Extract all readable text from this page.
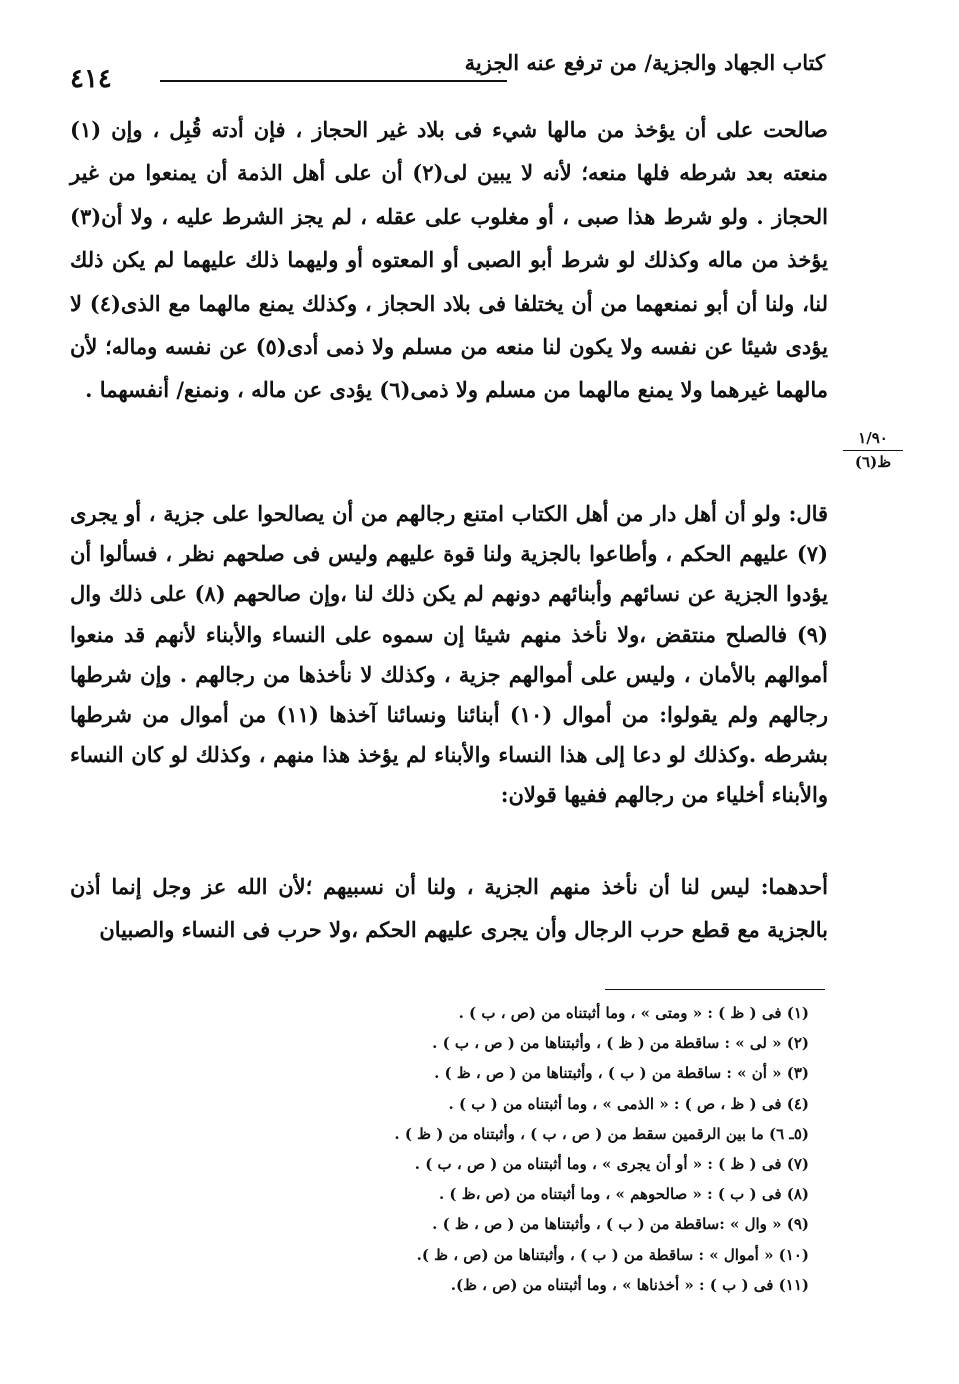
كتاب الجهاد والجزية/ من ترفع عنه الجزية
٤١٤

صالحت على أن يؤخذ من مالها شيء فى بلاد غير الحجاز ، فإن أدته قُبِل ، وإن (١) منعته بعد شرطه فلها منعه؛ لأنه لا يبين لى(٢) أن على أهل الذمة أن يمنعوا من غير الحجاز . ولو شرط هذا صبى ، أو مغلوب على عقله ، لم يجز الشرط عليه ، ولا أن(٣) يؤخذ من ماله وكذلك لو شرط أبو الصبى أو المعتوه أو وليهما ذلك عليهما لم يكن ذلك لنا، ولنا أن أبو نمنعهما من أن يختلفا فى بلاد الحجاز ، وكذلك يمنع مالهما مع الذى(٤) لا يؤدى شيئا عن نفسه ولا يكون لنا منعه من مسلم ولا ذمى أدى(٥) عن نفسه وماله؛ لأن مالهما غيرهما ولا يمنع مالهما من مسلم ولا ذمى(٦) يؤدى عن ماله ، ونمنع/ أنفسهما .

١/٩٠
ظ(٦)

قال: ولو أن أهل دار من أهل الكتاب امتنع رجالهم من أن يصالحوا على جزية ، أو يجرى (٧) عليهم الحكم ، وأطاعوا بالجزية ولنا قوة عليهم وليس فى صلحهم نظر ، فسألوا أن يؤدوا الجزية عن نسائهم وأبنائهم دونهم لم يكن ذلك لنا ،وإن صالحهم (٨) على ذلك وال (٩) فالصلح منتقض ،ولا نأخذ منهم شيئا إن سموه على النساء والأبناء لأنهم قد منعوا أموالهم بالأمان ، وليس على أموالهم جزية ، وكذلك لا نأخذها من رجالهم . وإن شرطها رجالهم ولم يقولوا: من أموال (١٠) أبنائنا ونسائنا آخذها (١١) من أموال من شرطها بشرطه .وكذلك لو دعا إلى هذا النساء والأبناء لم يؤخذ هذا منهم ، وكذلك لو كان النساء والأبناء أخلياء من رجالهم ففيها قولان:

أحدهما: ليس لنا أن نأخذ منهم الجزية ، ولنا أن نسبيهم ؛لأن الله عز وجل إنما أذن بالجزية مع قطع حرب الرجال وأن يجرى عليهم الحكم ،ولا حرب فى النساء والصبيان

(١) فى ( ظ ) : « ومتى » ، وما أثبتناه من (ص ، ب ) .
(٢) « لى » : ساقطة من ( ظ ) ، وأثبتناها من ( ص ، ب ) .
(٣) « أن » : ساقطة من ( ب ) ، وأثبتناها من ( ص ، ظ ) .
(٤) فى ( ظ ، ص ) : « الذمى » ، وما أثبتناه من ( ب ) .
(٥ـ ٦) ما بين الرقمين سقط من ( ص ، ب ) ، وأثبتناه من ( ظ ) .
(٧) فى ( ظ ) : « أو أن يجرى » ، وما أثبتناه من ( ص ، ب ) .
(٨) فى ( ب ) : « صالحوهم » ، وما أثبتناه من (ص ،ظ ) .
(٩) « وال » :ساقطة من ( ب ) ، وأثبتناها من ( ص ، ظ ) .
(١٠) « أموال » : ساقطة من ( ب ) ، وأثبتناها من (ص ، ظ ).
(١١) فى ( ب ) : « أخذناها » ، وما أثبتناه من (ص ، ظ).
